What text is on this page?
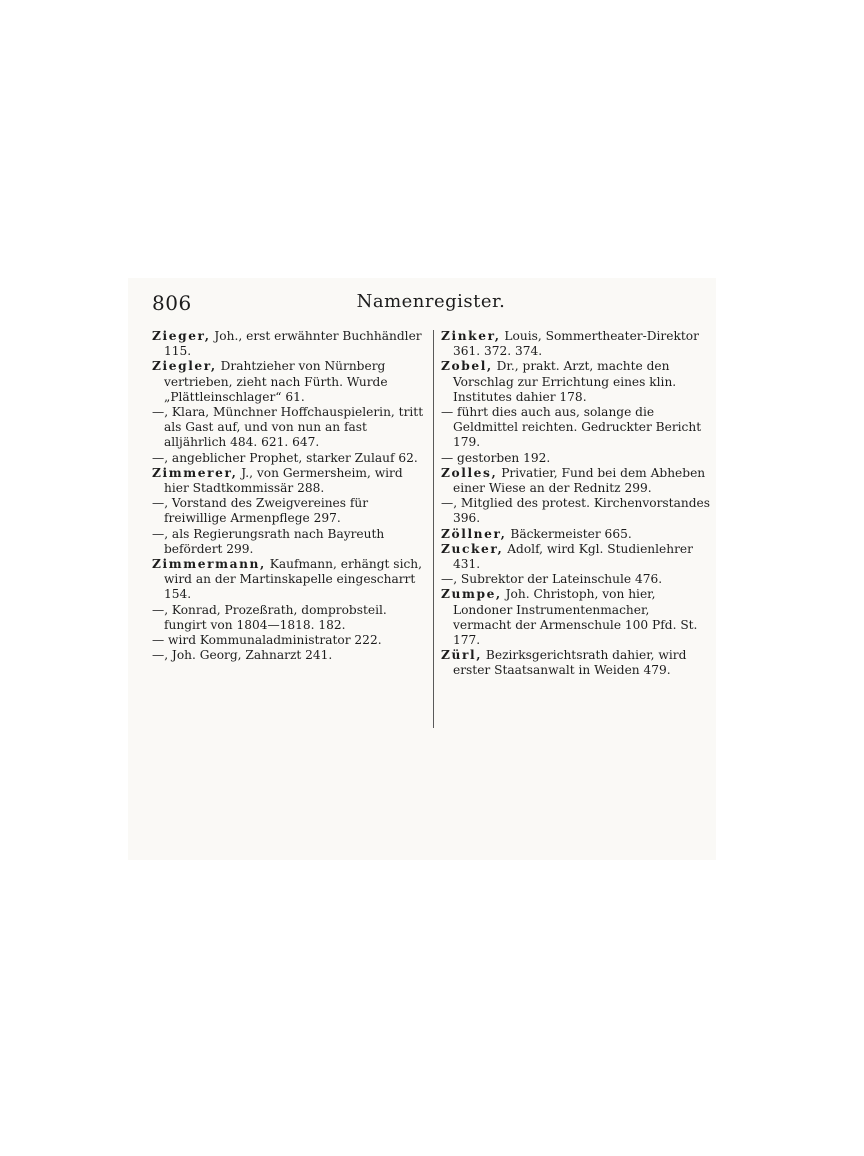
806	Namenregister.
Zieger, Joh., erst erwähnter Buchhändler 115.
Ziegler, Drahtzieher von Nürnberg vertrieben, zieht nach Fürth. Wurde „Plättleinschlager“ 61.
—, Klara, Münchner Hoffchauspielerin, tritt als Gast auf, und von nun an fast alljährlich 484. 621. 647.
—, angeblicher Prophet, starker Zulauf 62.
Zimmerer, J., von Germersheim, wird hier Stadtkommissär 288.
—, Vorstand des Zweigvereines für freiwillige Armenpflege 297.
—, als Regierungsrath nach Bayreuth befördert 299.
Zimmermann, Kaufmann, erhängt sich, wird an der Martinskapelle eingescharrt 154.
—, Konrad, Prozeßrath, domprobsteil. fungirt von 1804—1818. 182.
— wird Kommunaladministrator 222.
—, Joh. Georg, Zahnarzt 241.
Zinker, Louis, Sommertheater-Direktor 361. 372. 374.
Zobel, Dr., prakt. Arzt, machte den Vorschlag zur Errichtung eines klin. Institutes dahier 178.
— führt dies auch aus, solange die Geldmittel reichten. Gedruckter Bericht 179.
— gestorben 192.
Zolles, Privatier, Fund bei dem Abheben einer Wiese an der Rednitz 299.
—, Mitglied des protest. Kirchenvorstandes 396.
Zöllner, Bäckermeister 665.
Zucker, Adolf, wird Kgl. Studienlehrer 431.
—, Subrektor der Lateinschule 476.
Zumpe, Joh. Christoph, von hier, Londoner Instrumentenmacher, vermacht der Armenschule 100 Pfd. St. 177.
Zürl, Bezirksgerichtsrath dahier, wird erster Staatsanwalt in Weiden 479.
